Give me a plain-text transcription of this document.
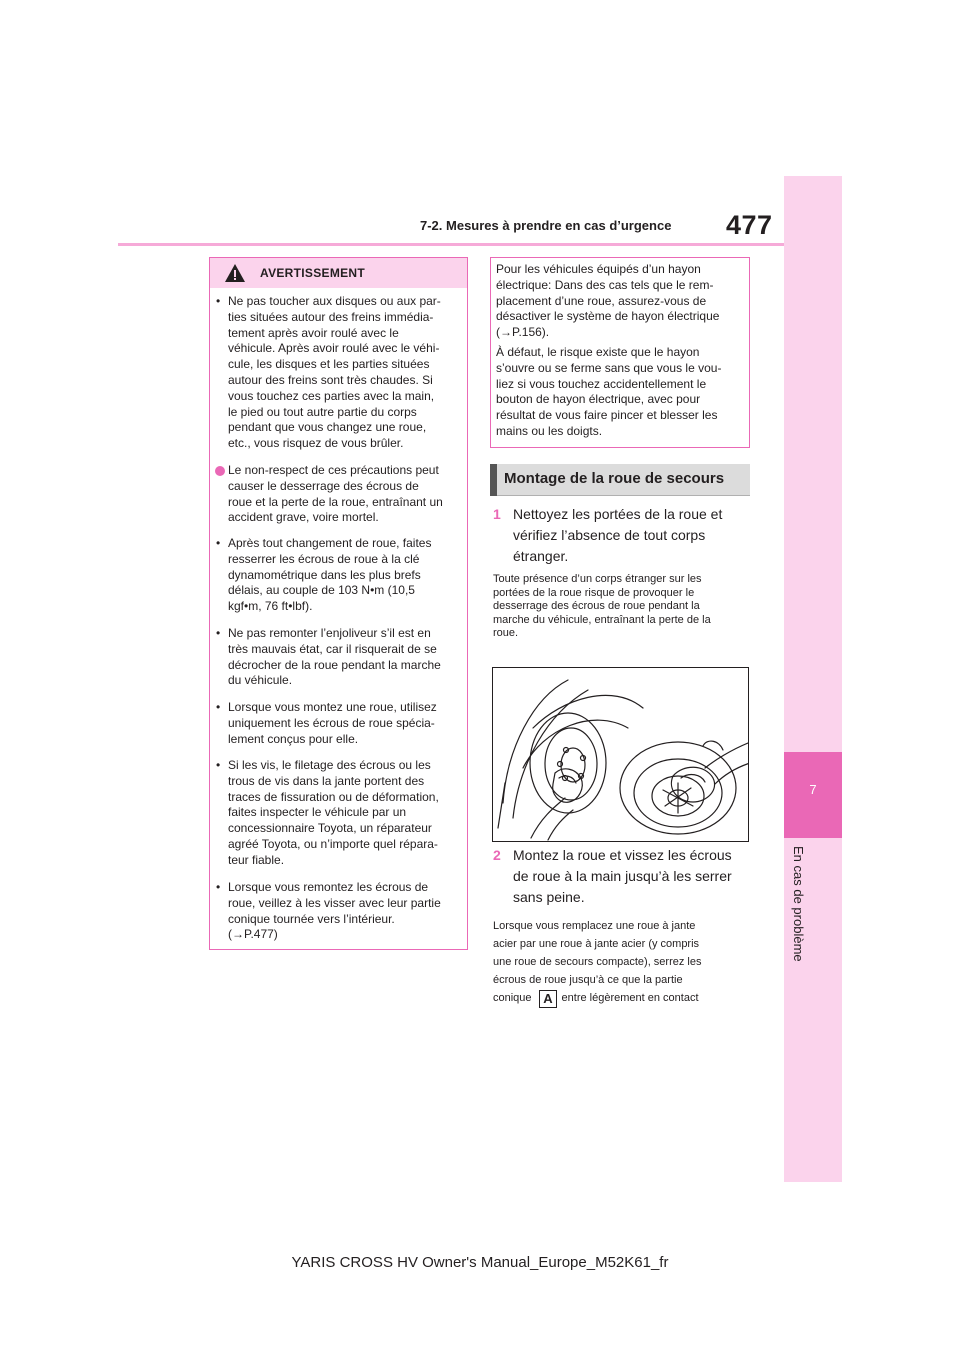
7-2. Mesures à prendre en cas d’urgence 477
7
En cas de problème
AVERTISSEMENT
• Ne pas toucher aux disques ou aux par-
ties situées autour des freins immédia-
tement après avoir roulé avec le
véhicule. Après avoir roulé avec le véhi-
cule, les disques et les parties situées
autour des freins sont très chaudes. Si
vous touchez ces parties avec la main,
le pied ou tout autre partie du corps
pendant que vous changez une roue,
etc., vous risquez de vous brûler.
Le non-respect de ces précautions peut
causer le desserrage des écrous de
roue et la perte de la roue, entraînant un
accident grave, voire mortel.
• Après tout changement de roue, faites
resserrer les écrous de roue à la clé
dynamométrique dans les plus brefs
délais, au couple de 103 N•m (10,5
kgf•m, 76 ft•lbf).
• Ne pas remonter l’enjoliveur s’il est en
très mauvais état, car il risquerait de se
décrocher de la roue pendant la marche
du véhicule.
• Lorsque vous montez une roue, utilisez
uniquement les écrous de roue spécia-
lement conçus pour elle.
• Si les vis, le filetage des écrous ou les
trous de vis dans la jante portent des
traces de fissuration ou de déformation,
faites inspecter le véhicule par un
concessionnaire Toyota, un réparateur
agréé Toyota, ou n’importe quel répara-
teur fiable.
• Lorsque vous remontez les écrous de
roue, veillez à les visser avec leur partie
conique tournée vers l’intérieur.
(→P.477)
Pour les véhicules équipés d’un hayon
électrique: Dans des cas tels que le rem-
placement d’une roue, assurez-vous de
désactiver le système de hayon électrique
(→P.156).
À défaut, le risque existe que le hayon
s’ouvre ou se ferme sans que vous le vou-
liez si vous touchez accidentellement le
bouton de hayon électrique, avec pour
résultat de vous faire pincer et blesser les
mains ou les doigts.
Montage de la roue de secours
1 Nettoyez les portées de la roue et
vérifiez l’absence de tout corps
étranger.
Toute présence d’un corps étranger sur les
portées de la roue risque de provoquer le
desserrage des écrous de roue pendant la
marche du véhicule, entraînant la perte de la
roue.
2 Montez la roue et vissez les écrous
de roue à la main jusqu’à les serrer
sans peine.
Lorsque vous remplacez une roue à jante
acier par une roue à jante acier (y compris
une roue de secours compacte), serrez les
écrous de roue jusqu’à ce que la partie
conique	entre légèrement en contact
A
YARIS CROSS HV Owner's Manual_Europe_M52K61_fr
